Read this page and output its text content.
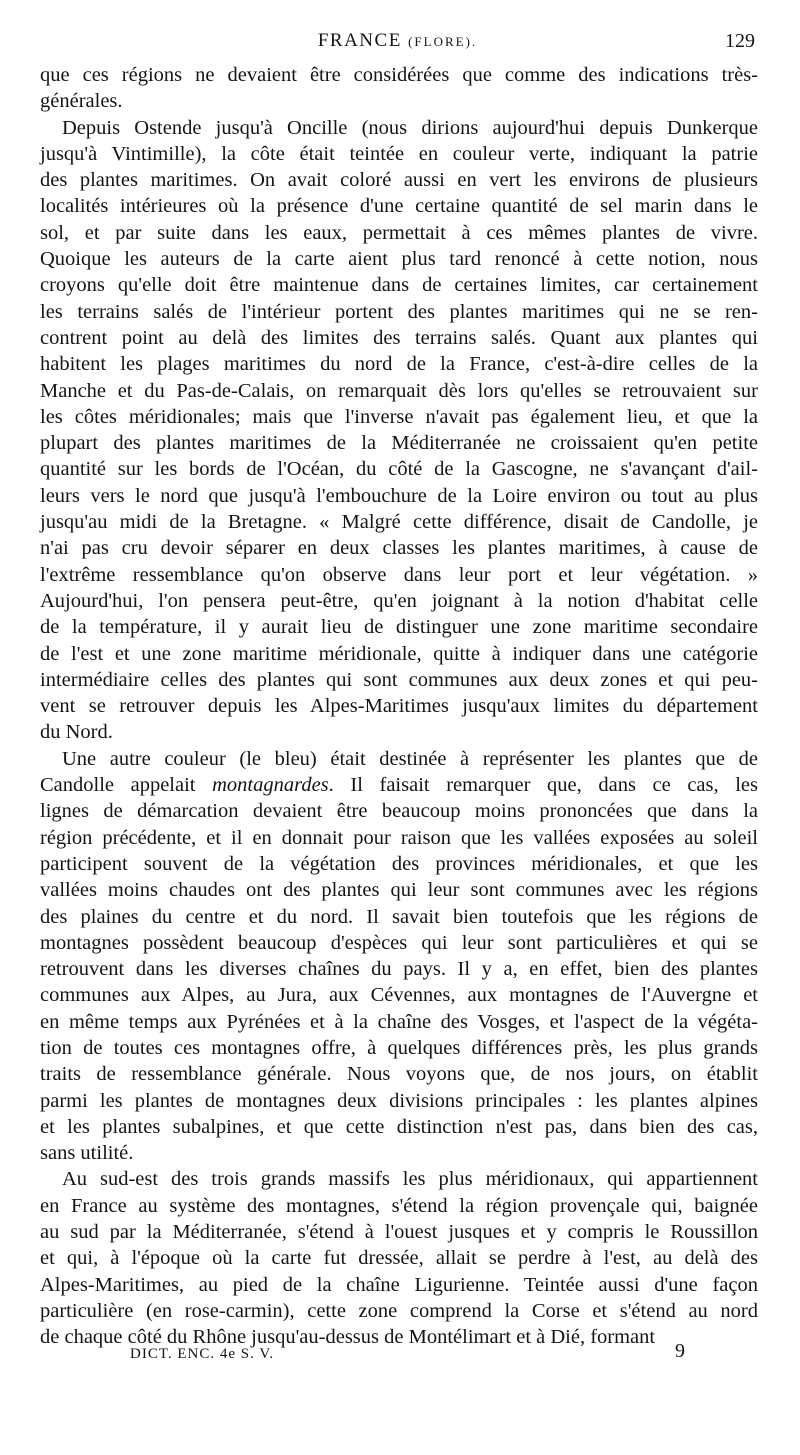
FRANCE (FLORE).	129
que ces régions ne devaient être considérées que comme des indications très-
générales.
Depuis Ostende jusqu'à Oncille (nous dirions aujourd'hui depuis Dunkerque
jusqu'à Vintimille), la côte était teintée en couleur verte, indiquant la patrie
des plantes maritimes. On avait coloré aussi en vert les environs de plusieurs
localités intérieures où la présence d'une certaine quantité de sel marin dans le
sol, et par suite dans les eaux, permettait à ces mêmes plantes de vivre.
Quoique les auteurs de la carte aient plus tard renoncé à cette notion, nous
croyons qu'elle doit être maintenue dans de certaines limites, car certainement
les terrains salés de l'intérieur portent des plantes maritimes qui ne se ren-
contrent point au delà des limites des terrains salés. Quant aux plantes qui
habitent les plages maritimes du nord de la France, c'est-à-dire celles de la
Manche et du Pas-de-Calais, on remarquait dès lors qu'elles se retrouvaient sur
les côtes méridionales; mais que l'inverse n'avait pas également lieu, et que la
plupart des plantes maritimes de la Méditerranée ne croissaient qu'en petite
quantité sur les bords de l'Océan, du côté de la Gascogne, ne s'avançant d'ail-
leurs vers le nord que jusqu'à l'embouchure de la Loire environ ou tout au plus
jusqu'au midi de la Bretagne. « Malgré cette différence, disait de Candolle, je
n'ai pas cru devoir séparer en deux classes les plantes maritimes, à cause de
l'extrême ressemblance qu'on observe dans leur port et leur végétation. »
Aujourd'hui, l'on pensera peut-être, qu'en joignant à la notion d'habitat celle
de la température, il y aurait lieu de distinguer une zone maritime secondaire
de l'est et une zone maritime méridionale, quitte à indiquer dans une catégorie
intermédiaire celles des plantes qui sont communes aux deux zones et qui peu-
vent se retrouver depuis les Alpes-Maritimes jusqu'aux limites du département
du Nord.
Une autre couleur (le bleu) était destinée à représenter les plantes que de
Candolle appelait montagnardes. Il faisait remarquer que, dans ce cas, les
lignes de démarcation devaient être beaucoup moins prononcées que dans la
région précédente, et il en donnait pour raison que les vallées exposées au soleil
participent souvent de la végétation des provinces méridionales, et que les
vallées moins chaudes ont des plantes qui leur sont communes avec les régions
des plaines du centre et du nord. Il savait bien toutefois que les régions de
montagnes possèdent beaucoup d'espèces qui leur sont particulières et qui se
retrouvent dans les diverses chaînes du pays. Il y a, en effet, bien des plantes
communes aux Alpes, au Jura, aux Cévennes, aux montagnes de l'Auvergne et
en même temps aux Pyrénées et à la chaîne des Vosges, et l'aspect de la végéta-
tion de toutes ces montagnes offre, à quelques différences près, les plus grands
traits de ressemblance générale. Nous voyons que, de nos jours, on établit
parmi les plantes de montagnes deux divisions principales : les plantes alpines
et les plantes subalpines, et que cette distinction n'est pas, dans bien des cas,
sans utilité.
Au sud-est des trois grands massifs les plus méridionaux, qui appartiennent
en France au système des montagnes, s'étend la région provençale qui, baignée
au sud par la Méditerranée, s'étend à l'ouest jusques et y compris le Roussillon
et qui, à l'époque où la carte fut dressée, allait se perdre à l'est, au delà des
Alpes-Maritimes, au pied de la chaîne Ligurienne. Teintée aussi d'une façon
particulière (en rose-carmin), cette zone comprend la Corse et s'étend au nord
de chaque côté du Rhône jusqu'au-dessus de Montélimart et à Dié, formant
DICT. ENC. 4e S. V.	9
